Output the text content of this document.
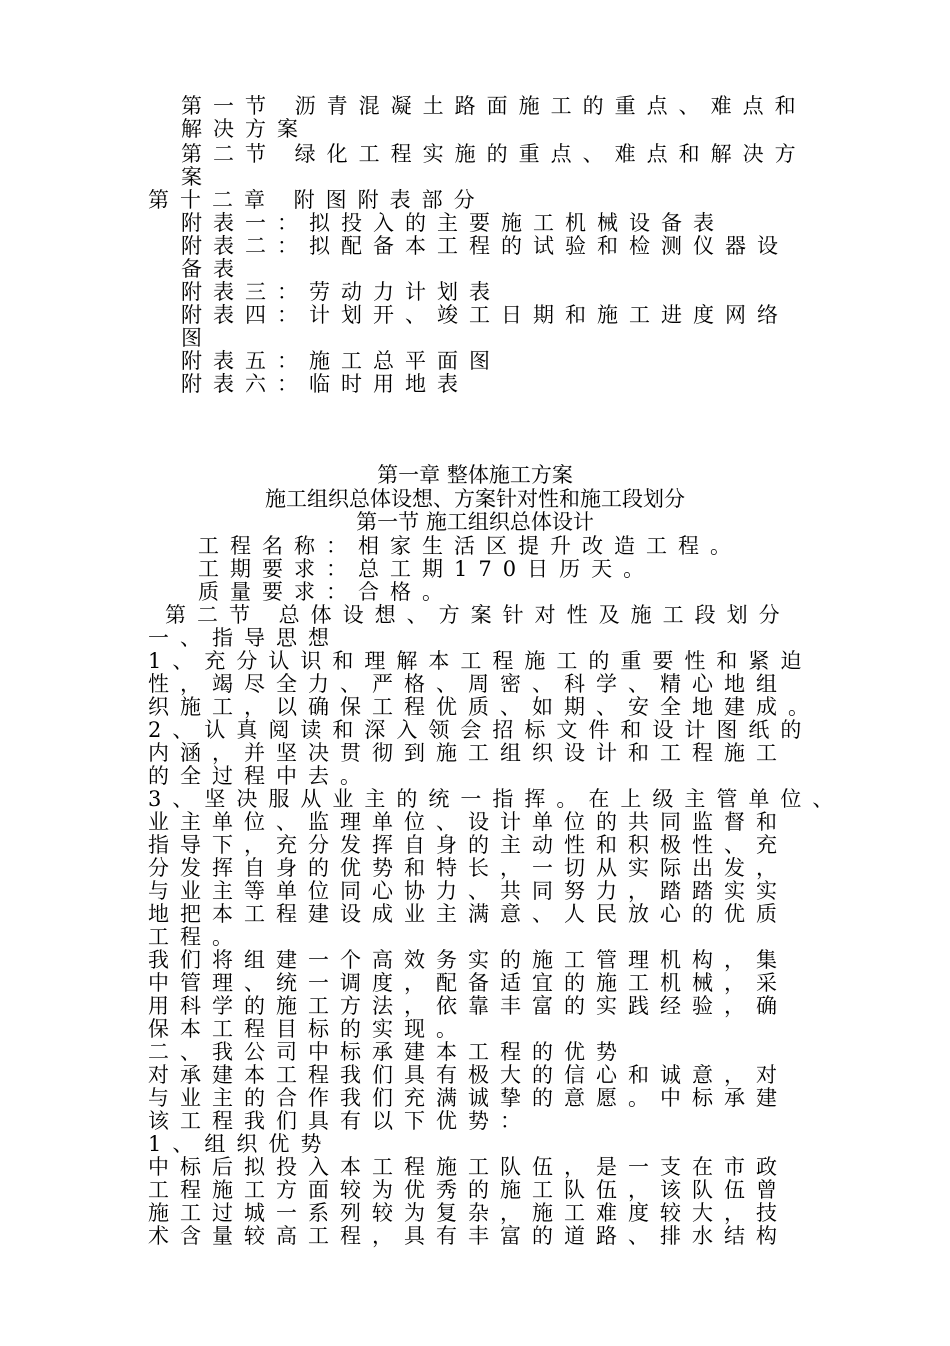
第一节 沥青混凝土路面施工的重点、难点和

解决方案

第二节 绿化工程实施的重点、难点和解决方

案

第十二章 附图附表部分

附表一：拟投入的主要施工机械设备表

附表二：拟配备本工程的试验和检测仪器设

备表

附表三：劳动力计划表

附表四：计划开、竣工日期和施工进度网络

图

附表五：施工总平面图

附表六：临时用地表

第一章 整体施工方案

施工组织总体设想、方案针对性和施工段划分

第一节 施工组织总体设计

工程名称：相家生活区提升改造工程。

工期要求：总工期170日历天。

质量要求：合格。

第二节 总体设想、方案针对性及施工段划分

一、指导思想

1、充分认识和理解本工程施工的重要性和紧迫

性，竭尽全力、严格、周密、科学、精心地组

织施工，以确保工程优质、如期、安全地建成。

2、认真阅读和深入领会招标文件和设计图纸的

内涵，并坚决贯彻到施工组织设计和工程施工

的全过程中去。

3、坚决服从业主的统一指挥。在上级主管单位、

业主单位、监理单位、设计单位的共同监督和

指导下，充分发挥自身的主动性和积极性、充

分发挥自身的优势和特长，一切从实际出发，

与业主等单位同心协力、共同努力，踏踏实实

地把本工程建设成业主满意、人民放心的优质

工程。

我们将组建一个高效务实的施工管理机构，集

中管理、统一调度，配备适宜的施工机械，采

用科学的施工方法，依靠丰富的实践经验，确

保本工程目标的实现。

二、我公司中标承建本工程的优势

对承建本工程我们具有极大的信心和诚意，对

与业主的合作我们充满诚挚的意愿。中标承建

该工程我们具有以下优势：

1、组织优势

中标后拟投入本工程施工队伍，是一支在市政

工程施工方面较为优秀的施工队伍，该队伍曾

施工过城一系列较为复杂，施工难度较大，技

术含量较高工程，具有丰富的道路、排水结构
